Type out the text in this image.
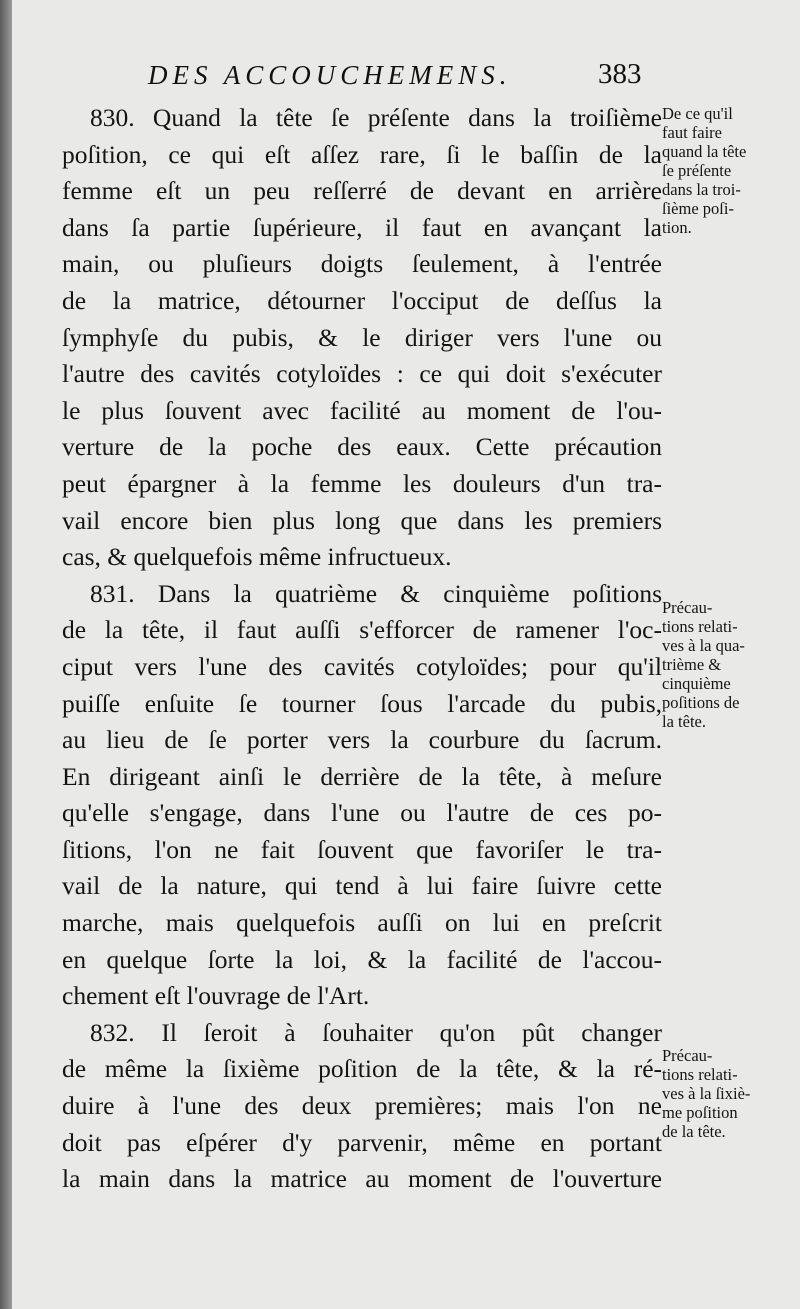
DES ACCOUCHEMENS.	383
830. Quand la tête ſe préſente dans la troiſième
poſition, ce qui eſt aſſez rare, ſi le baſſin de la
femme eſt un peu reſſerré de devant en arrière
dans ſa partie ſupérieure, il faut en avançant la
main, ou pluſieurs doigts ſeulement, à l'entrée
de la matrice, détourner l'occiput de deſſus la
ſymphyſe du pubis, & le diriger vers l'une ou
l'autre des cavités cotyloïdes : ce qui doit s'exécuter
le plus ſouvent avec facilité au moment de l'ou-
verture de la poche des eaux. Cette précaution
peut épargner à la femme les douleurs d'un tra-
vail encore bien plus long que dans les premiers
cas, & quelquefois même infructueux.
831. Dans la quatrième & cinquième poſitions
de la tête, il faut auſſi s'efforcer de ramener l'oc-
ciput vers l'une des cavités cotyloïdes; pour qu'il
puiſſe enſuite ſe tourner ſous l'arcade du pubis,
au lieu de ſe porter vers la courbure du ſacrum.
En dirigeant ainſi le derrière de la tête, à meſure
qu'elle s'engage, dans l'une ou l'autre de ces po-
ſitions, l'on ne fait ſouvent que favoriſer le tra-
vail de la nature, qui tend à lui faire ſuivre cette
marche, mais quelquefois auſſi on lui en preſcrit
en quelque ſorte la loi, & la facilité de l'accou-
chement eſt l'ouvrage de l'Art.
832. Il ſeroit à ſouhaiter qu'on pût changer
de même la ſixième poſition de la tête, & la ré-
duire à l'une des deux premières; mais l'on ne
doit pas eſpérer d'y parvenir, même en portant
la main dans la matrice au moment de l'ouverture
De ce qu'il
faut faire
quand la tête
ſe préſente
dans la troi-
ſième poſi-
tion.
Précau-
tions relati-
ves à la qua-
trième &
cinquième
poſitions de
la tête.
Précau-
tions relati-
ves à la ſixiè-
me poſition
de la tête.
